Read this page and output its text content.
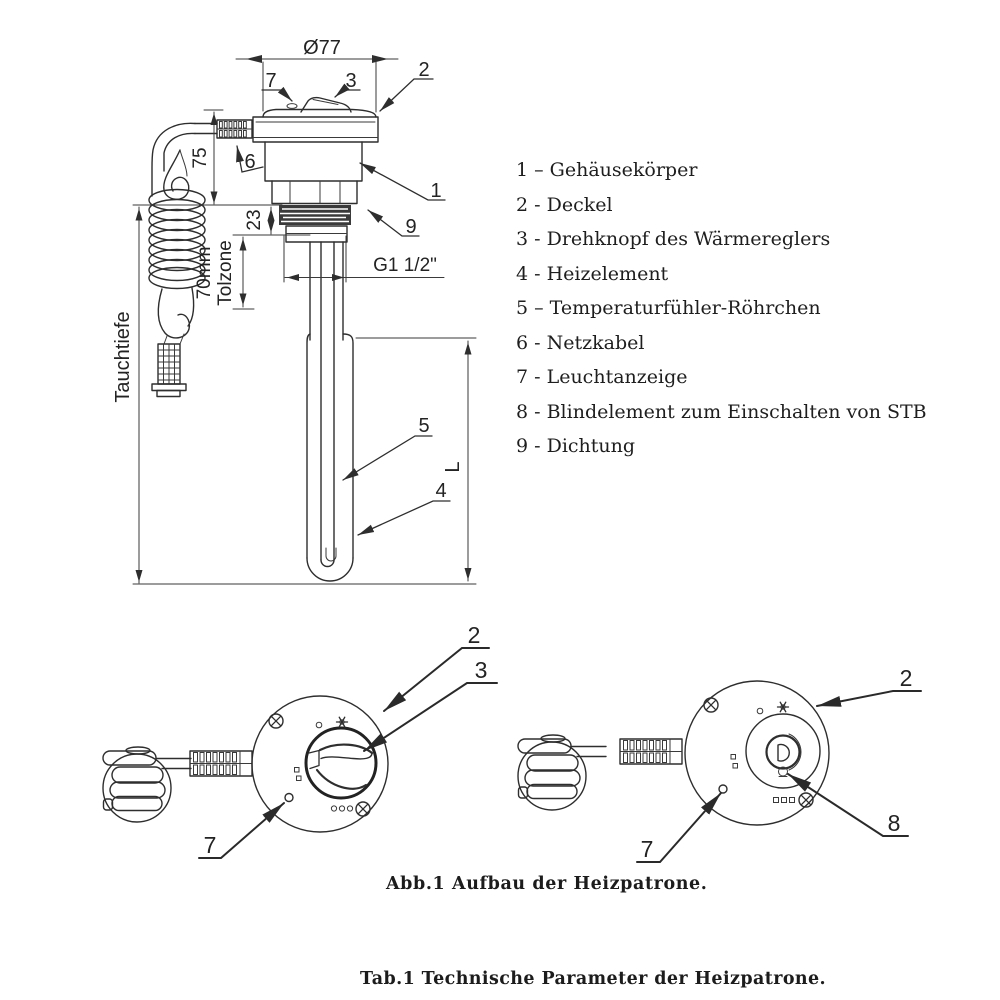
Ø77
75
Tauchtiefe
23
70mm Tolzone	G1 1/2"
L
7	3	2
6
1
9
5
4
2
3
7
2
7
8
1 – Gehäusekörper
2 - Deckel
3 - Drehknopf des Wärmereglers
4 - Heizelement
5 – Temperaturfühler-Röhrchen
6 - Netzkabel
7 - Leuchtanzeige
8 - Blindelement zum Einschalten von STB
9 - Dichtung
Abb.1 Aufbau der Heizpatrone.
Tab.1 Technische Parameter der Heizpatrone.
